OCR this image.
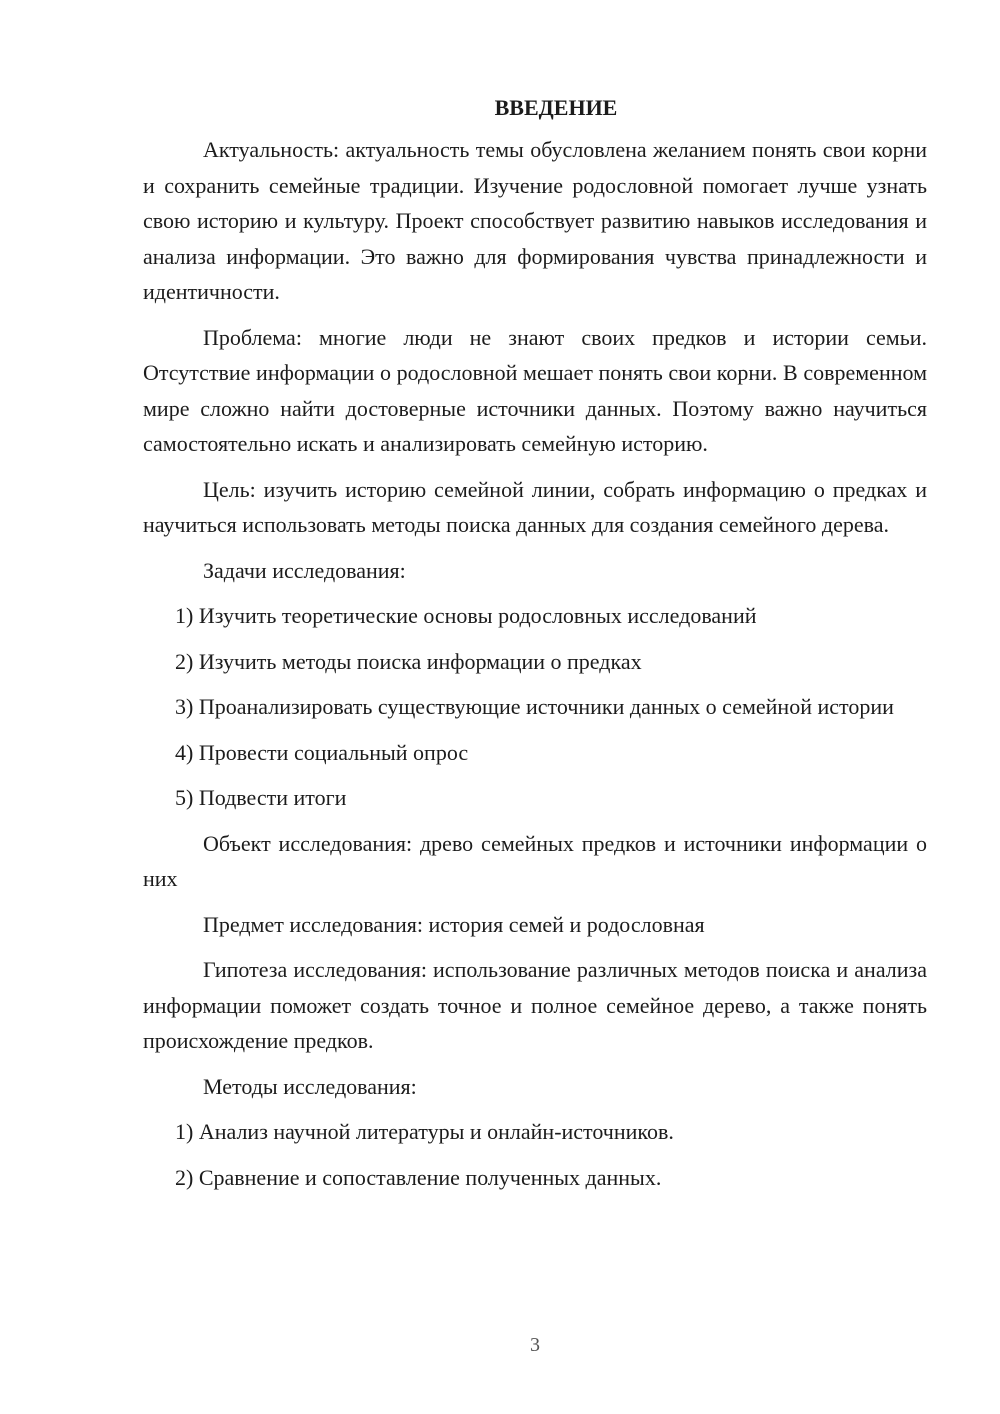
ВВЕДЕНИЕ

Актуальность: актуальность темы обусловлена желанием понять свои корни и сохранить семейные традиции. Изучение родословной помогает лучше узнать свою историю и культуру. Проект способствует развитию навыков исследования и анализа информации. Это важно для формирования чувства принадлежности и идентичности.

Проблема: многие люди не знают своих предков и истории семьи. Отсутствие информации о родословной мешает понять свои корни. В современном мире сложно найти достоверные источники данных. Поэтому важно научиться самостоятельно искать и анализировать семейную историю.

Цель: изучить историю семейной линии, собрать информацию о предках и научиться использовать методы поиска данных для создания семейного дерева.

Задачи исследования:

1) Изучить теоретические основы родословных исследований

2) Изучить методы поиска информации о предках

3) Проанализировать существующие источники данных о семейной истории

4) Провести социальный опрос

5) Подвести итоги

Объект исследования: древо семейных предков и источники информации о них

Предмет исследования: история семей и родословная

Гипотеза исследования: использование различных методов поиска и анализа информации поможет создать точное и полное семейное дерево, а также понять происхождение предков.

Методы исследования:

1) Анализ научной литературы и онлайн-источников.

2) Сравнение и сопоставление полученных данных.

3
